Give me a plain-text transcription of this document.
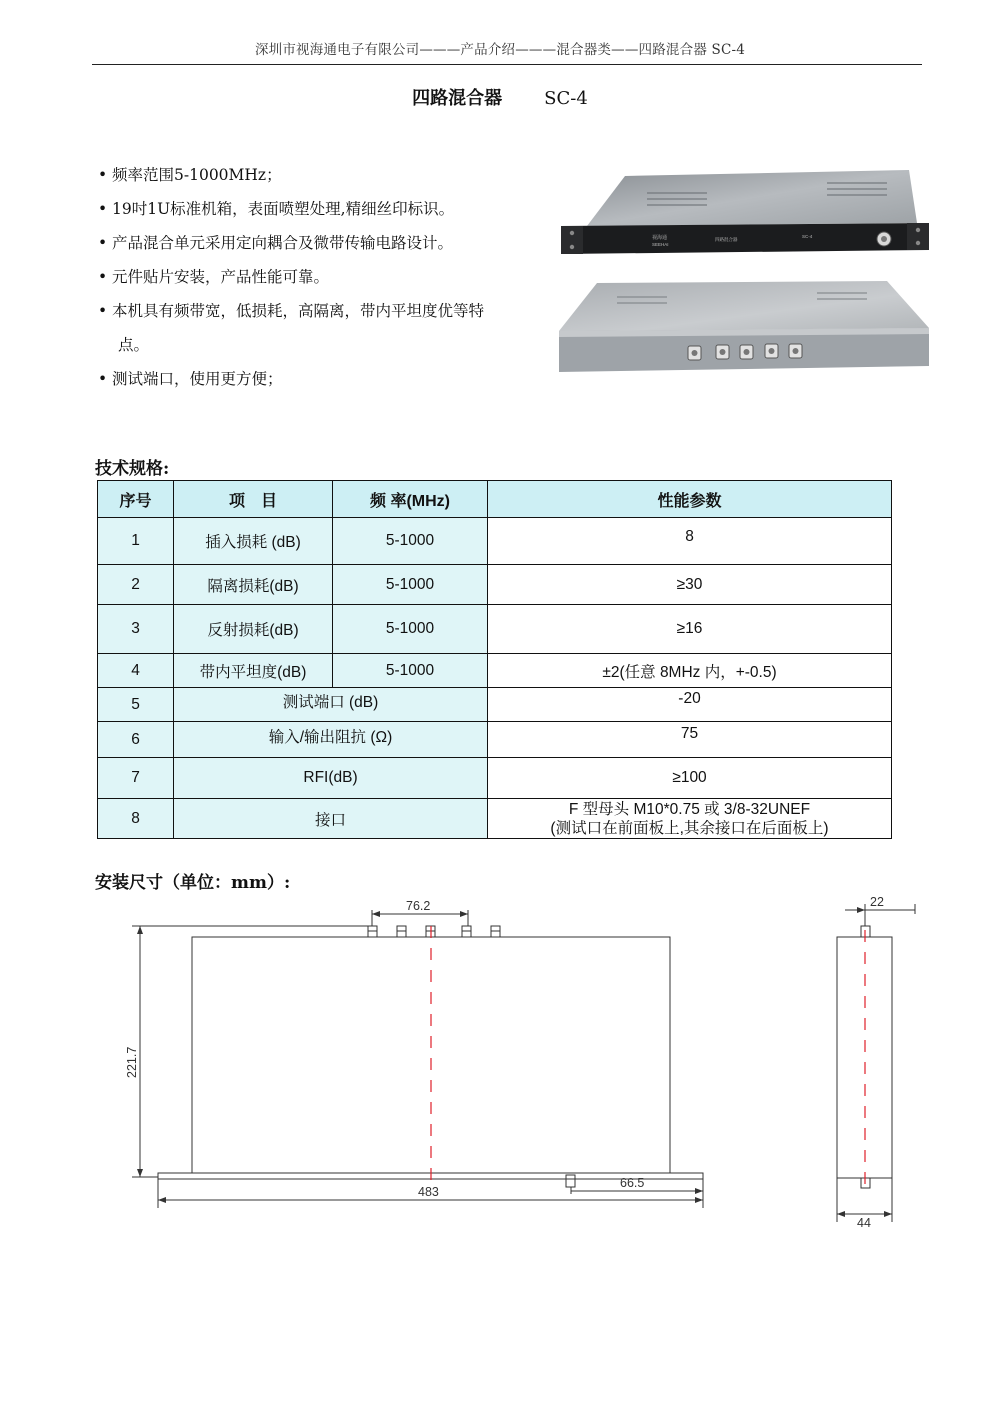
深圳市视海通电子有限公司———产品介绍———混合器类——四路混合器 SC-4
四路混合器 SC-4
• 频率范围5-1000MHz；
• 19吋1U标准机箱，表面喷塑处理,精细丝印标识。
• 产品混合单元采用定向耦合及微带传输电路设计。
• 元件贴片安装，产品性能可靠。
• 本机具有频带宽，低损耗，高隔离，带内平坦度优等特
点。
• 测试端口，使用更方便；
视海通
SEEHAI
四路混合器
SC-4
技术规格:
序号	项　目	频 率(MHz)	性能参数
1	插入损耗 (dB)	5-1000	8
2	隔离损耗(dB)	5-1000	≥30
3	反射损耗(dB)	5-1000	≥16
4	带内平坦度(dB)	5-1000	±2(任意 8MHz 内，+-0.5)
5	测试端口 (dB)		-20
6	输入/输出阻抗 (Ω)		75
7	RFI(dB)		≥100
8	接口		F 型母头 M10*0.75 或 3/8-32UNEF
(测试口在前面板上,其余接口在后面板上)
安装尺寸（单位：mm）:
76.2
221.7
483
66.5
22
44
